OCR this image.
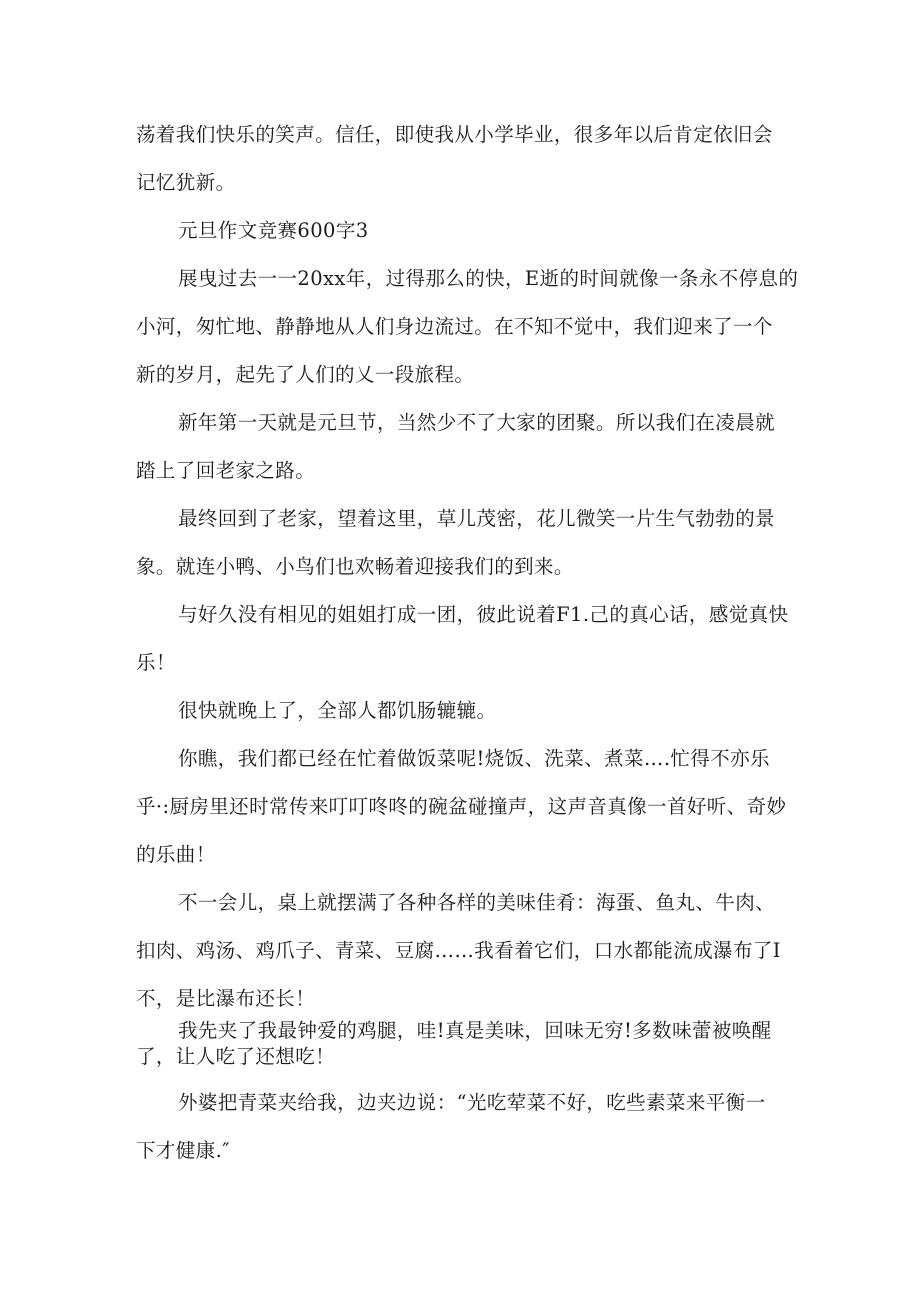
荡着我们快乐的笑声。信任，即使我从小学毕业，很多年以后肯定依旧会
记忆犹新。
元旦作文竞赛600字3
展曳过去一一20xx年，过得那么的快，E逝的时间就像一条永不停息的
小河，匆忙地、静静地从人们身边流过。在不知不觉中，我们迎来了一个
新的岁月，起先了人们的乂一段旅程。
新年第一天就是元旦节，当然少不了大家的团聚。所以我们在凌晨就
踏上了回老家之路。
最终回到了老家，望着这里，草儿茂密，花儿微笑一片生气勃勃的景
象。就连小鸭、小鸟们也欢畅着迎接我们的到来。
与好久没有相见的姐姐打成一团，彼此说着F1.己的真心话，感觉真快
乐！
很快就晚上了，全部人都饥肠辘辘。
你瞧，我们都已经在忙着做饭菜呢!烧饭、洗菜、煮菜….忙得不亦乐
乎·:厨房里还时常传来叮叮咚咚的碗盆碰撞声，这声音真像一首好听、奇妙
的乐曲！
不一会儿，桌上就摆满了各种各样的美味佳肴：海蛋、鱼丸、牛肉、
扣肉、鸡汤、鸡爪子、青菜、豆腐……我看着它们，口水都能流成瀑布了I
不，是比瀑布还长！
我先夹了我最钟爱的鸡腿，哇!真是美味，回味无穷!多数味蕾被唤醒
了，让人吃了还想吃！
外婆把青菜夹给我，边夹边说：“光吃荤菜不好，吃些素菜来平衡一
下才健康.″
